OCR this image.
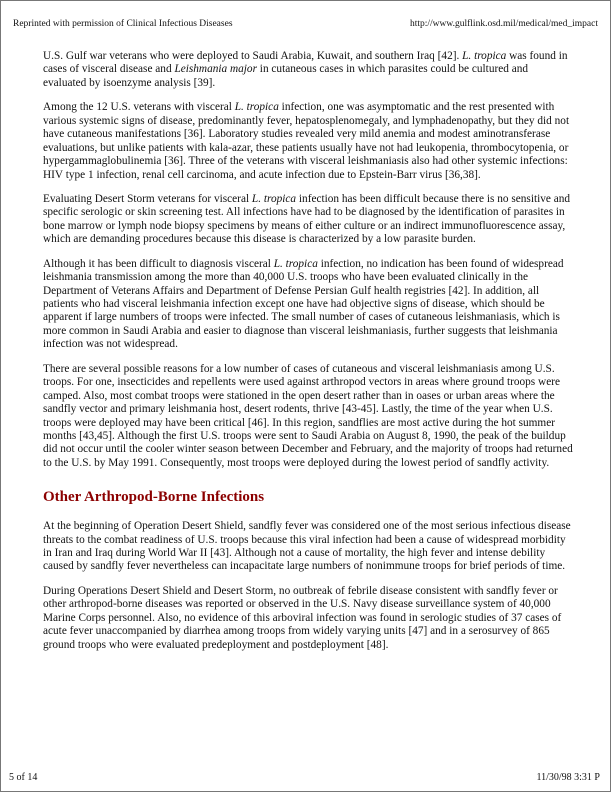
Reprinted with permission of Clinical Infectious Diseases	http://www.gulflink.osd.mil/medical/med_impact

U.S. Gulf war veterans who were deployed to Saudi Arabia, Kuwait, and southern Iraq [42]. L. tropica was found in cases of visceral disease and Leishmania major in cutaneous cases in which parasites could be cultured and evaluated by isoenzyme analysis [39].

Among the 12 U.S. veterans with visceral L. tropica infection, one was asymptomatic and the rest presented with various systemic signs of disease, predominantly fever, hepatosplenomegaly, and lymphadenopathy, but they did not have cutaneous manifestations [36]. Laboratory studies revealed very mild anemia and modest aminotransferase evaluations, but unlike patients with kala-azar, these patients usually have not had leukopenia, thrombocytopenia, or hypergammaglobulinemia [36]. Three of the veterans with visceral leishmaniasis also had other systemic infections: HIV type 1 infection, renal cell carcinoma, and acute infection due to Epstein-Barr virus [36,38].

Evaluating Desert Storm veterans for visceral L. tropica infection has been difficult because there is no sensitive and specific serologic or skin screening test. All infections have had to be diagnosed by the identification of parasites in bone marrow or lymph node biopsy specimens by means of either culture or an indirect immunofluorescence assay, which are demanding procedures because this disease is characterized by a low parasite burden.

Although it has been difficult to diagnosis visceral L. tropica infection, no indication has been found of widespread leishmania transmission among the more than 40,000 U.S. troops who have been evaluated clinically in the Department of Veterans Affairs and Department of Defense Persian Gulf health registries [42]. In addition, all patients who had visceral leishmania infection except one have had objective signs of disease, which should be apparent if large numbers of troops were infected. The small number of cases of cutaneous leishmaniasis, which is more common in Saudi Arabia and easier to diagnose than visceral leishmaniasis, further suggests that leishmania infection was not widespread.

There are several possible reasons for a low number of cases of cutaneous and visceral leishmaniasis among U.S. troops. For one, insecticides and repellents were used against arthropod vectors in areas where ground troops were camped. Also, most combat troops were stationed in the open desert rather than in oases or urban areas where the sandfly vector and primary leishmania host, desert rodents, thrive [43-45]. Lastly, the time of the year when U.S. troops were deployed may have been critical [46]. In this region, sandflies are most active during the hot summer months [43,45]. Although the first U.S. troops were sent to Saudi Arabia on August 8, 1990, the peak of the buildup did not occur until the cooler winter season between December and February, and the majority of troops had returned to the U.S. by May 1991. Consequently, most troops were deployed during the lowest period of sandfly activity.

Other Arthropod-Borne Infections

At the beginning of Operation Desert Shield, sandfly fever was considered one of the most serious infectious disease threats to the combat readiness of U.S. troops because this viral infection had been a cause of widespread morbidity in Iran and Iraq during World War II [43]. Although not a cause of mortality, the high fever and intense debility caused by sandfly fever nevertheless can incapacitate large numbers of nonimmune troops for brief periods of time.

During Operations Desert Shield and Desert Storm, no outbreak of febrile disease consistent with sandfly fever or other arthropod-borne diseases was reported or observed in the U.S. Navy disease surveillance system of 40,000 Marine Corps personnel. Also, no evidence of this arboviral infection was found in serologic studies of 37 cases of acute fever unaccompanied by diarrhea among troops from widely varying units [47] and in a serosurvey of 865 ground troops who were evaluated predeployment and postdeployment [48].

5 of 14	11/30/98 3:31 P
